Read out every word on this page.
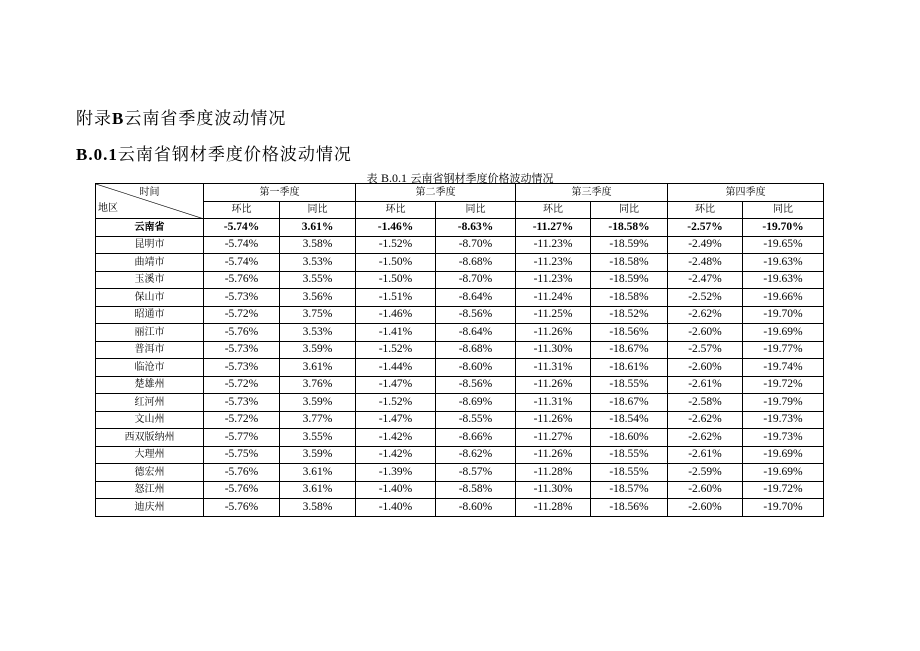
附录B云南省季度波动情况
B.0.1云南省钢材季度价格波动情况
表 B.0.1 云南省钢材季度价格波动情况
时间
地区	第一季度		第二季度		第三季度		第四季度	
	环比	同比	环比	同比	环比	同比	环比	同比
云南省	-5.74%	3.61%	-1.46%	-8.63%	-11.27%	-18.58%	-2.57%	-19.70%
昆明市	-5.74%	3.58%	-1.52%	-8.70%	-11.23%	-18.59%	-2.49%	-19.65%
曲靖市	-5.74%	3.53%	-1.50%	-8.68%	-11.23%	-18.58%	-2.48%	-19.63%
玉溪市	-5.76%	3.55%	-1.50%	-8.70%	-11.23%	-18.59%	-2.47%	-19.63%
保山市	-5.73%	3.56%	-1.51%	-8.64%	-11.24%	-18.58%	-2.52%	-19.66%
昭通市	-5.72%	3.75%	-1.46%	-8.56%	-11.25%	-18.52%	-2.62%	-19.70%
丽江市	-5.76%	3.53%	-1.41%	-8.64%	-11.26%	-18.56%	-2.60%	-19.69%
普洱市	-5.73%	3.59%	-1.52%	-8.68%	-11.30%	-18.67%	-2.57%	-19.77%
临沧市	-5.73%	3.61%	-1.44%	-8.60%	-11.31%	-18.61%	-2.60%	-19.74%
楚雄州	-5.72%	3.76%	-1.47%	-8.56%	-11.26%	-18.55%	-2.61%	-19.72%
红河州	-5.73%	3.59%	-1.52%	-8.69%	-11.31%	-18.67%	-2.58%	-19.79%
文山州	-5.72%	3.77%	-1.47%	-8.55%	-11.26%	-18.54%	-2.62%	-19.73%
西双版纳州	-5.77%	3.55%	-1.42%	-8.66%	-11.27%	-18.60%	-2.62%	-19.73%
大理州	-5.75%	3.59%	-1.42%	-8.62%	-11.26%	-18.55%	-2.61%	-19.69%
德宏州	-5.76%	3.61%	-1.39%	-8.57%	-11.28%	-18.55%	-2.59%	-19.69%
怒江州	-5.76%	3.61%	-1.40%	-8.58%	-11.30%	-18.57%	-2.60%	-19.72%
迪庆州	-5.76%	3.58%	-1.40%	-8.60%	-11.28%	-18.56%	-2.60%	-19.70%
